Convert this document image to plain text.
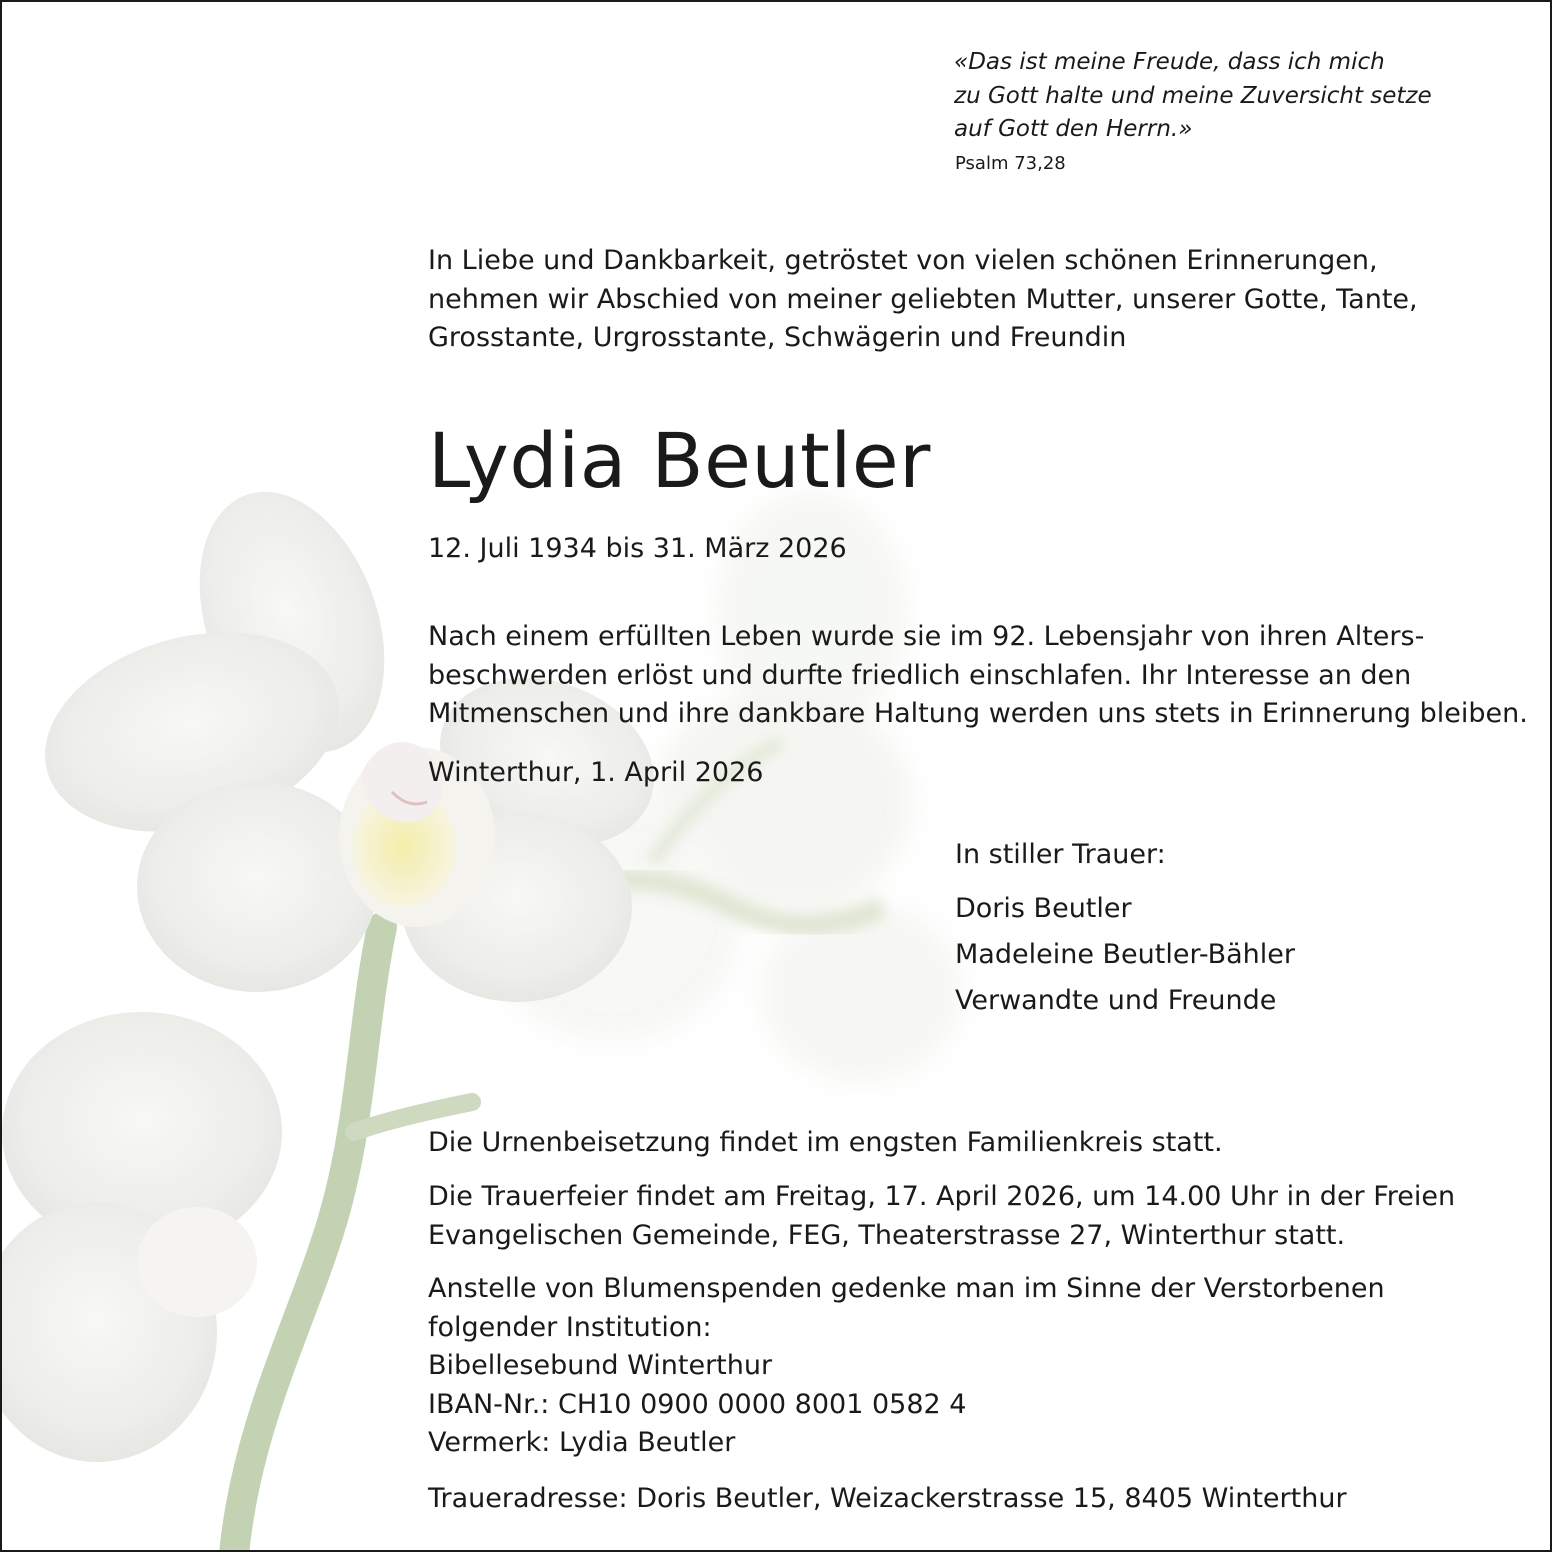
«Das ist meine Freude, dass ich mich
zu Gott halte und meine Zuversicht setze
auf Gott den Herrn.»
Psalm 73,28
In Liebe und Dankbarkeit, getröstet von vielen schönen Erinnerungen,
nehmen wir Abschied von meiner geliebten Mutter, unserer Gotte, Tante,
Grosstante, Urgrosstante, Schwägerin und Freundin
Lydia Beutler
12. Juli 1934 bis 31. März 2026
Nach einem erfüllten Leben wurde sie im 92. Lebensjahr von ihren Alters-
beschwerden erlöst und durfte friedlich einschlafen. Ihr Interesse an den
Mitmenschen und ihre dankbare Haltung werden uns stets in Erinnerung bleiben.
Winterthur, 1. April 2026
In stiller Trauer:
Doris Beutler
Madeleine Beutler-Bähler
Verwandte und Freunde
Die Urnenbeisetzung findet im engsten Familienkreis statt.
Die Trauerfeier findet am Freitag, 17. April 2026, um 14.00 Uhr in der Freien
Evangelischen Gemeinde, FEG, Theaterstrasse 27, Winterthur statt.
Anstelle von Blumenspenden gedenke man im Sinne der Verstorbenen
folgender Institution:
Bibellesebund Winterthur
IBAN-Nr.: CH10 0900 0000 8001 0582 4
Vermerk: Lydia Beutler
Traueradresse: Doris Beutler, Weizackerstrasse 15, 8405 Winterthur
